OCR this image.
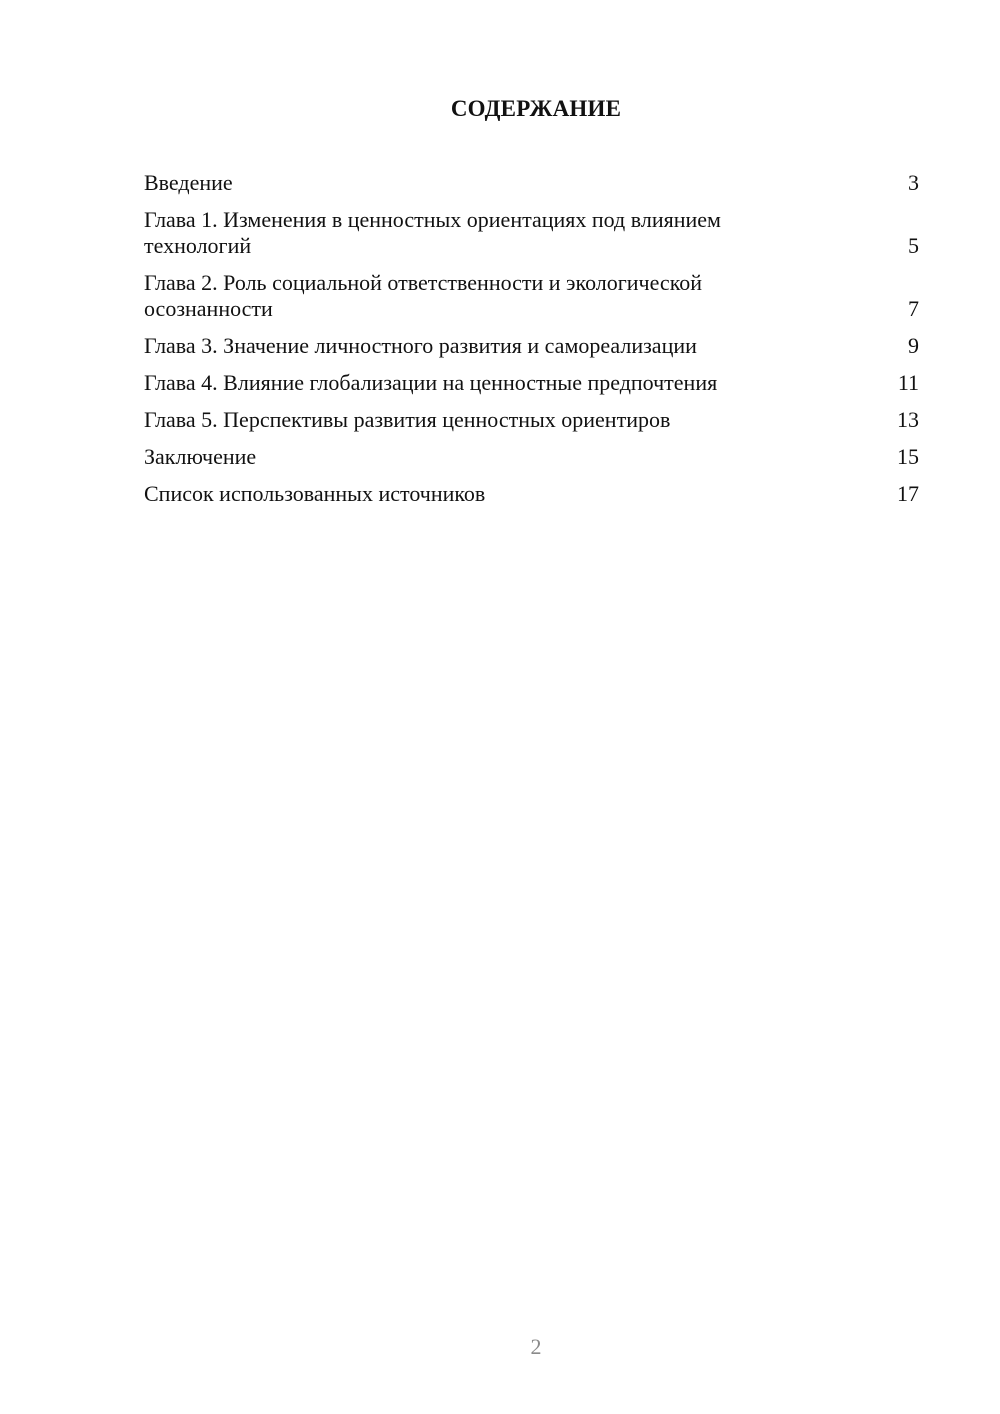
СОДЕРЖАНИЕ
Введение	3
Глава 1. Изменения в ценностных ориентациях под влиянием технологий	5
Глава 2. Роль социальной ответственности и экологической осознанности	7
Глава 3. Значение личностного развития и самореализации	9
Глава 4. Влияние глобализации на ценностные предпочтения	11
Глава 5. Перспективы развития ценностных ориентиров	13
Заключение	15
Список использованных источников	17
2
